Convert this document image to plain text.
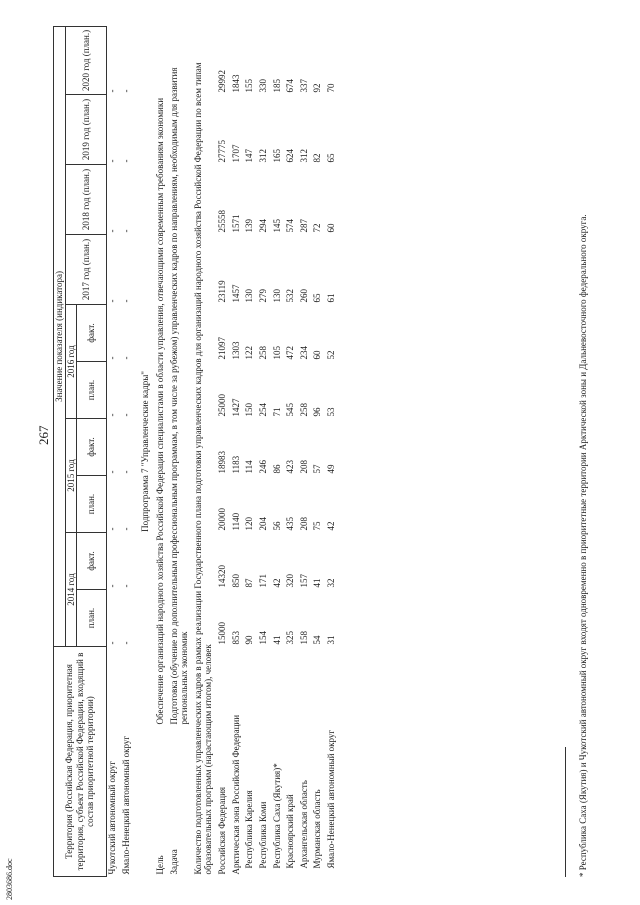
267
Территория (Российская Федерация, приоритетная территория, субъект Российской Федерации, входящий в состав приоритетной территории)		Значение показателя (индикатора)									
		2014 год		2015 год		2016 год		2017 год (план.)	2018 год (план.)	2019 год (план.)	2020 год (план.)
		план.	факт.	план.	факт.	план.	факт.				
Чукотский автономный округ		-	-	-	-	-	-	-	-	-	-
Ямало-Ненецкий автономный округ		-	-	-	-	-	-	-	-	-	-
Подпрограмма 7 "Управленческие кадры"											
Цель	Обеспечение организаций народного хозяйства Российской Федерации специалистами в области управления, отвечающими современным требованиям экономики										
Задача	Подготовка (обучение по дополнительным профессиональным программам, в том числе за рубежом) управленческих кадров по направлениям, необходимым для развития региональных экономик										
Количество подготовленных управленческих кадров в рамках реализации Государственного плана подготовки управленческих кадров для организаций народного хозяйства Российской Федерации по всем типам образовательных программ (нарастающим итогом), человек											
Российская Федерация		15000	14320	20000	18983	25000	21097	23119	25558	27775	29992
Арктическая зона Российской Федерации		853	850	1140	1183	1427	1303	1457	1571	1707	1843
Республика Карелия		90	87	120	114	150	122	130	139	147	155
Республика Коми		154	171	204	246	254	258	279	294	312	330
Республика Саха (Якутия)*		41	42	56	86	71	105	130	145	165	185
Красноярский край		325	320	435	423	545	472	532	574	624	674
Архангельская область		158	157	208	208	258	234	260	287	312	337
Мурманская область		54	41	75	57	96	60	65	72	82	92
Ямало-Ненецкий автономный округ		31	32	42	49	53	52	61	60	65	70
* Республика Саха (Якутия) и Чукотский автономный округ входят одновременно в приоритетные территории Арктической зоны и Дальневосточного федерального округа.
2803686.doc
